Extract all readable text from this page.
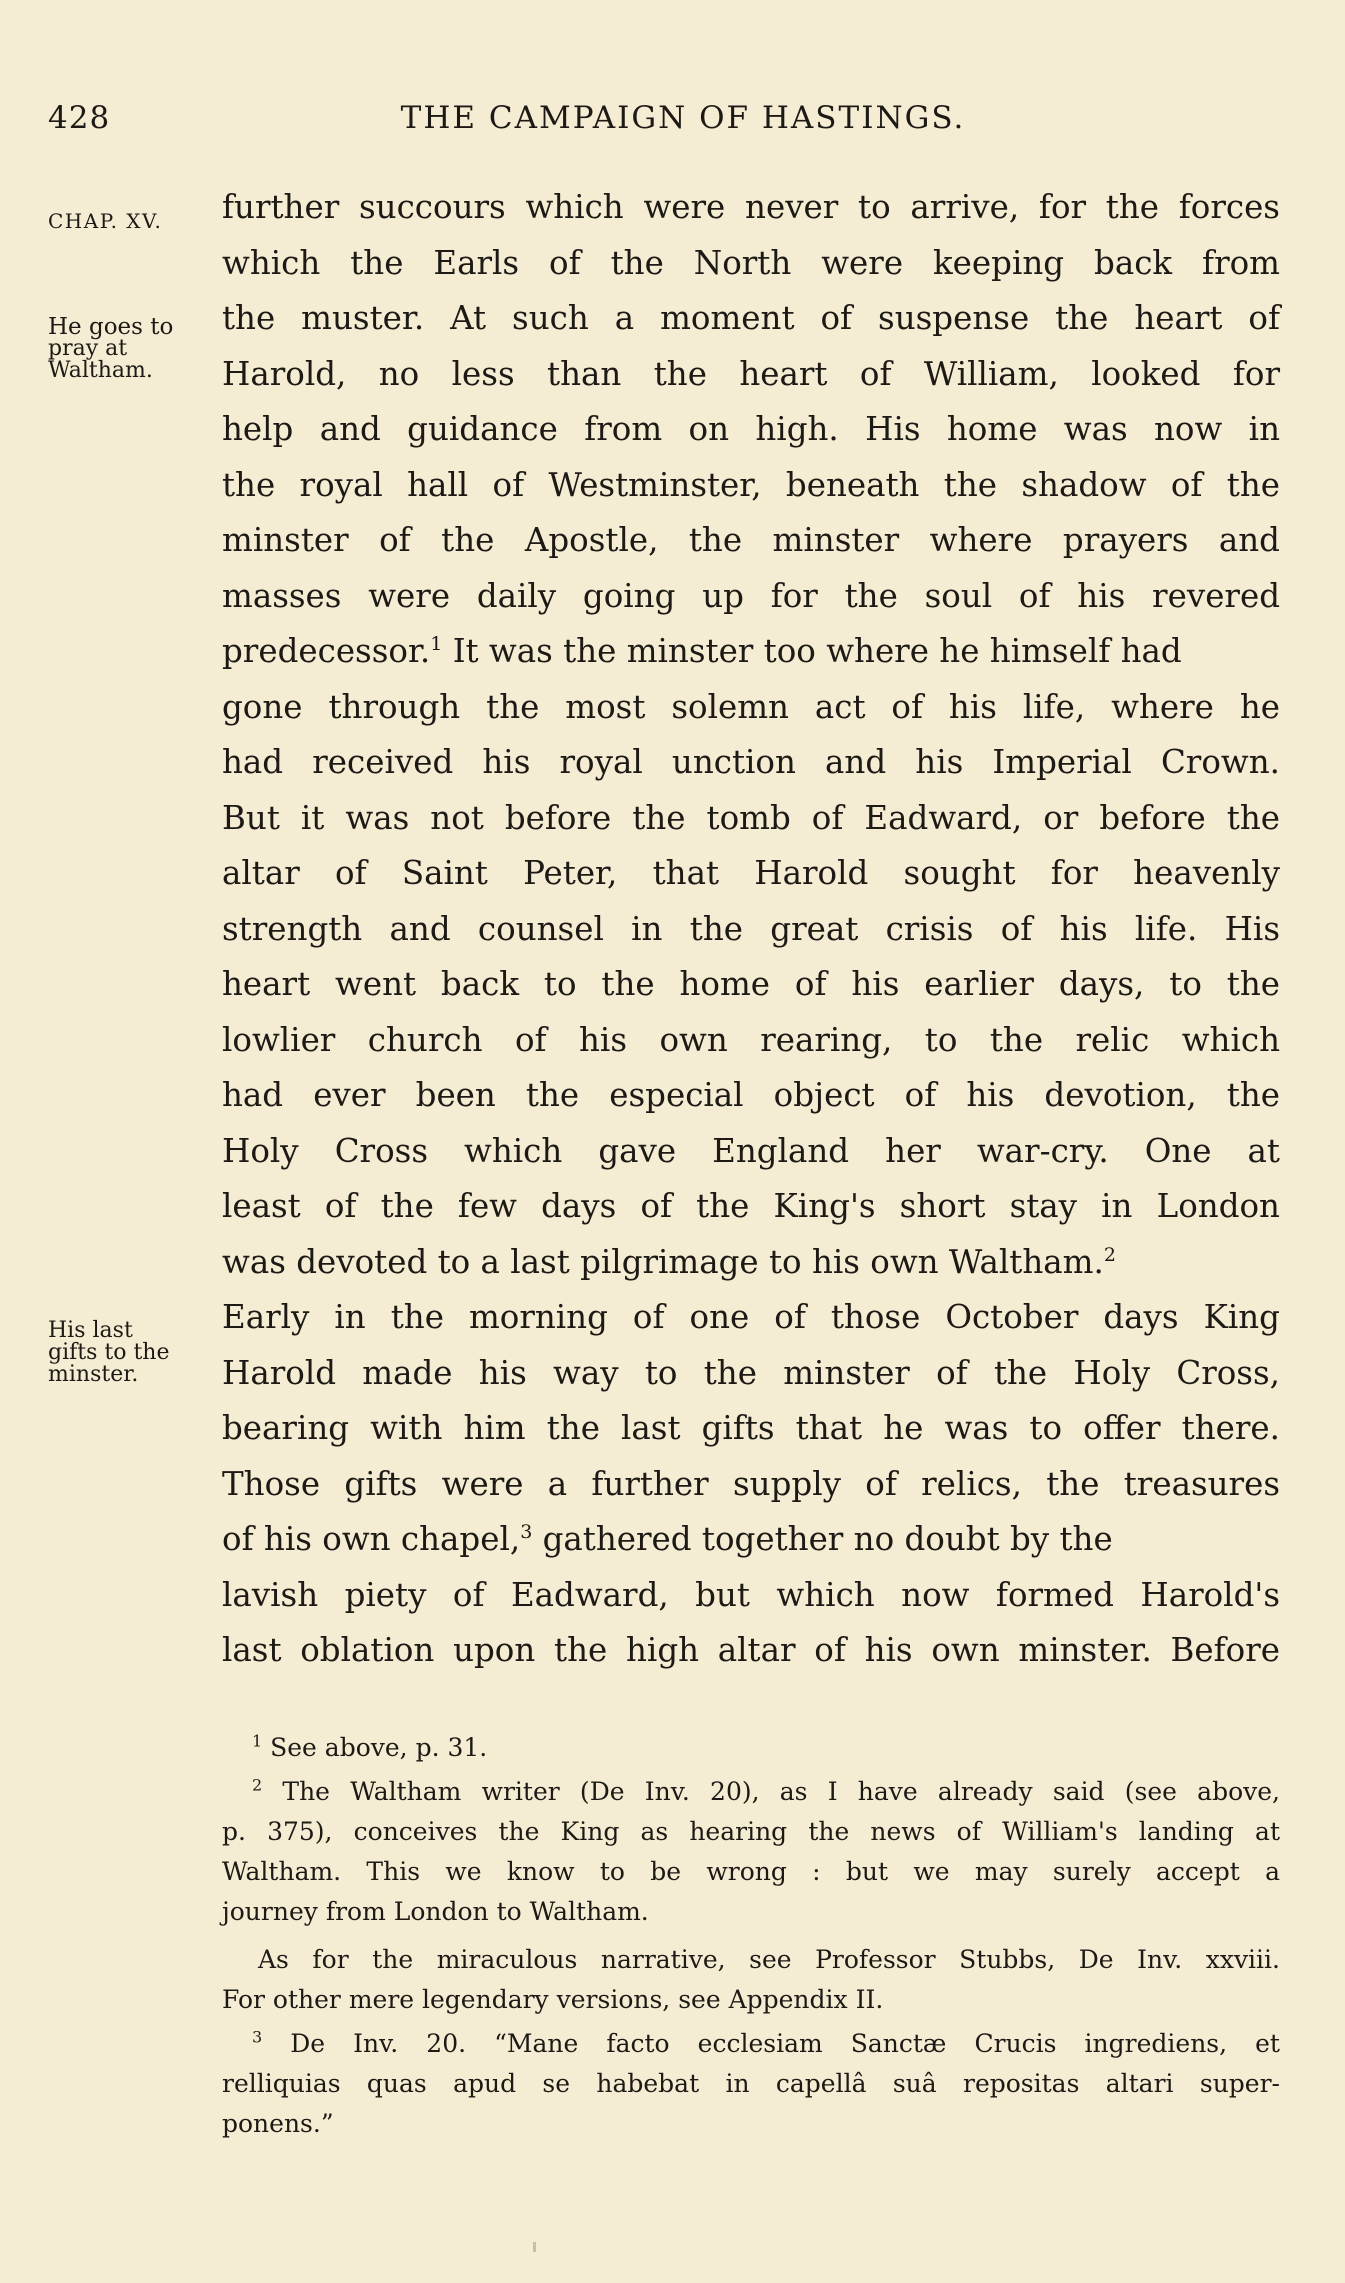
428	THE CAMPAIGN OF HASTINGS.
CHAP. XV.
He goes to
pray at
Waltham.
His last
gifts to the
minster.
further succours which were never to arrive, for the forces
which the Earls of the North were keeping back from
the muster. At such a moment of suspense the heart of
Harold, no less than the heart of William, looked for
help and guidance from on high. His home was now in
the royal hall of Westminster, beneath the shadow of the
minster of the Apostle, the minster where prayers and
masses were daily going up for the soul of his revered
predecessor.$^1$ It was the minster too where he himself had
gone through the most solemn act of his life, where he
had received his royal unction and his Imperial Crown.
But it was not before the tomb of Eadward, or before the
altar of Saint Peter, that Harold sought for heavenly
strength and counsel in the great crisis of his life. His
heart went back to the home of his earlier days, to the
lowlier church of his own rearing, to the relic which
had ever been the especial object of his devotion, the
Holy Cross which gave England her war-cry. One at
least of the few days of the King's short stay in London
was devoted to a last pilgrimage to his own Waltham.$^2$
Early in the morning of one of those October days King
Harold made his way to the minster of the Holy Cross,
bearing with him the last gifts that he was to offer there.
Those gifts were a further supply of relics, the treasures
of his own chapel,$^3$ gathered together no doubt by the
lavish piety of Eadward, but which now formed Harold's
last oblation upon the high altar of his own minster. Before
$^1$ See above, p. 31.
$^2$ The Waltham writer (De Inv. 20), as I have already said (see above,
p. 375), conceives the King as hearing the news of William's landing at
Waltham. This we know to be wrong : but we may surely accept a
journey from London to Waltham.
As for the miraculous narrative, see Professor Stubbs, De Inv. xxviii.
For other mere legendary versions, see Appendix II.
$^3$ De Inv. 20. “Mane facto ecclesiam Sanctæ Crucis ingrediens, et
relliquias quas apud se habebat in capellâ suâ repositas altari super-
ponens.”
